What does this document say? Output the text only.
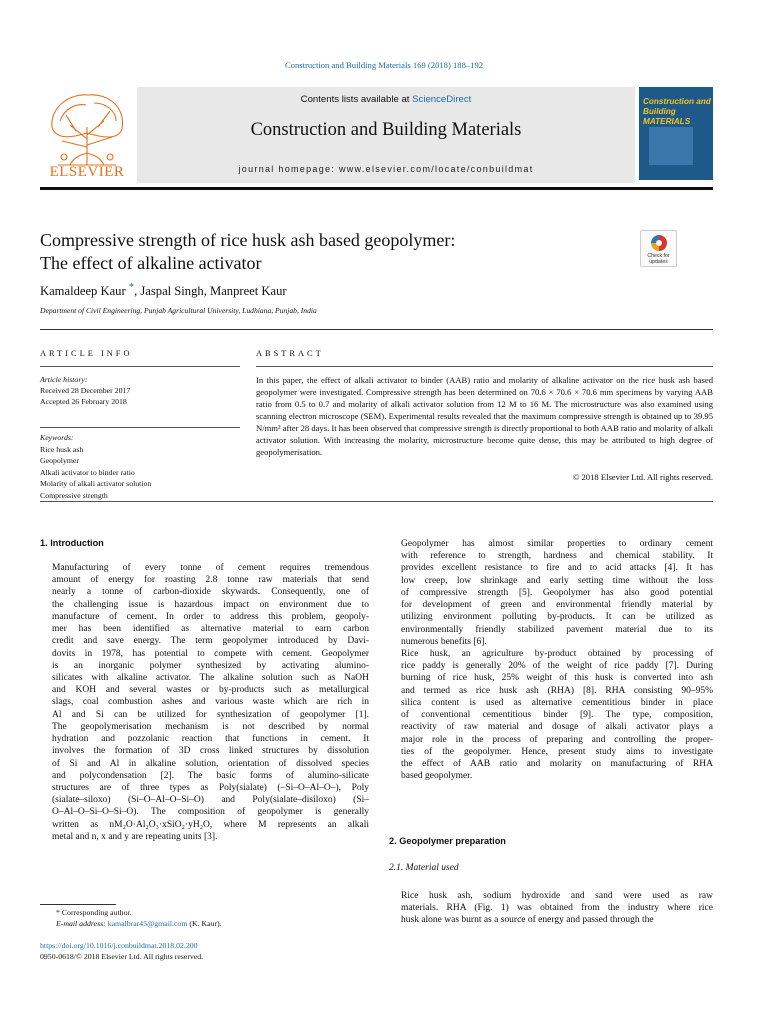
Construction and Building Materials 169 (2018) 188–192
ELSEVIER
Contents lists available at ScienceDirect
Construction and Building Materials
journal homepage: www.elsevier.com/locate/conbuildmat
Construction and Building MATERIALS
Compressive strength of rice husk ash based geopolymer:
The effect of alkaline activator	Check for updates
Kamaldeep Kaur *, Jaspal Singh, Manpreet Kaur
Department of Civil Engineering, Punjab Agricultural University, Ludhiana, Punjab, India
ARTICLE INFO	ABSTRACT
Article history:
Received 28 December 2017
Accepted 26 February 2018
Keywords:
Rice husk ash
Geopolymer
Alkali activator to binder ratio
Molarity of alkali activator solution
Compressive strength
In this paper, the effect of alkali activator to binder (AAB) ratio and molarity of alkaline activator on the rice husk ash based geopolymer were investigated. Compressive strength has been determined on 70.6 × 70.6 × 70.6 mm specimens by varying AAB ratio from 0.5 to 0.7 and molarity of alkali activator solution from 12 M to 16 M. The microstructure was also examined using scanning electron microscope (SEM). Experimental results revealed that the maximum compressive strength is obtained up to 39.95 N/mm² after 28 days. It has been observed that compressive strength is directly proportional to both AAB ratio and molarity of alkali activator solution. With increasing the molarity, microstructure become quite dense, this may be attributed to high degree of geopolymerisation.
© 2018 Elsevier Ltd. All rights reserved.
1. Introduction

Manufacturing of every tonne of cement requires tremendous
amount of energy for roasting 2.8 tonne raw materials that send
nearly a tonne of carbon-dioxide skywards. Consequently, one of
the challenging issue is hazardous impact on environment due to
manufacture of cement. In order to address this problem, geopoly-
mer has been identified as alternative material to earn carbon
credit and save energy. The term geopolymer introduced by Davi-
dovits in 1978, has potential to compete with cement. Geopolymer
is an inorganic polymer synthesized by activating alumino-
silicates with alkaline activator. The alkaline solution such as NaOH
and KOH and several wastes or by-products such as metallurgical
slags, coal combustion ashes and various waste which are rich in
Al and Si can be utilized for synthesization of geopolymer [1].
The geopolymerisation mechanism is not described by normal
hydration and pozzolanic reaction that functions in cement. It
involves the formation of 3D cross linked structures by dissolution
of Si and Al in alkaline solution, orientation of dissolved species
and polycondensation [2]. The basic forms of alumino-silicate
structures are of three types as Poly(sialate) (–Si–O–Al–O–), Poly
(sialate–siloxo) (Si–O–Al–O–Si–O) and Poly(sialate–disiloxo) (Si–
O–Al–O–Si–O–Si–O). The composition of geopolymer is generally
written as nM₂O·Al₂O₃·xSiO₂·yH₂O, where M represents an alkali
metal and n, x and y are repeating units [3].

Geopolymer has almost similar properties to ordinary cement
with reference to strength, hardness and chemical stability. It
provides excellent resistance to fire and to acid attacks [4]. It has
low creep, low shrinkage and early setting time without the loss
of compressive strength [5]. Geopolymer has also good potential
for development of green and environmental friendly material by
utilizing environment polluting by-products. It can be utilized as
environmentally friendly stabilized pavement material due to its
numerous benefits [6].

Rice husk, an agriculture by-product obtained by processing of
rice paddy is generally 20% of the weight of rice paddy [7]. During
burning of rice husk, 25% weight of this husk is converted into ash
and termed as rice husk ash (RHA) [8]. RHA consisting 90–95%
silica content is used as alternative cementitious binder in place
of conventional cementitious binder [9]. The type, composition,
reactivity of raw material and dosage of alkali activator plays a
major role in the process of preparing and controlling the proper-
ties of the geopolymer. Hence, present study aims to investigate
the effect of AAB ratio and molarity on manufacturing of RHA
based geopolymer.

2. Geopolymer preparation
2.1. Material used

Rice husk ash, sodium hydroxide and sand were used as raw
materials. RHA (Fig. 1) was obtained from the industry where rice
husk alone was burnt as a source of energy and passed through the

* Corresponding author.
E-mail address: kamalbrar45@gmail.com (K. Kaur).
https://doi.org/10.1016/j.conbuildmat.2018.02.200
0950-0618/© 2018 Elsevier Ltd. All rights reserved.
